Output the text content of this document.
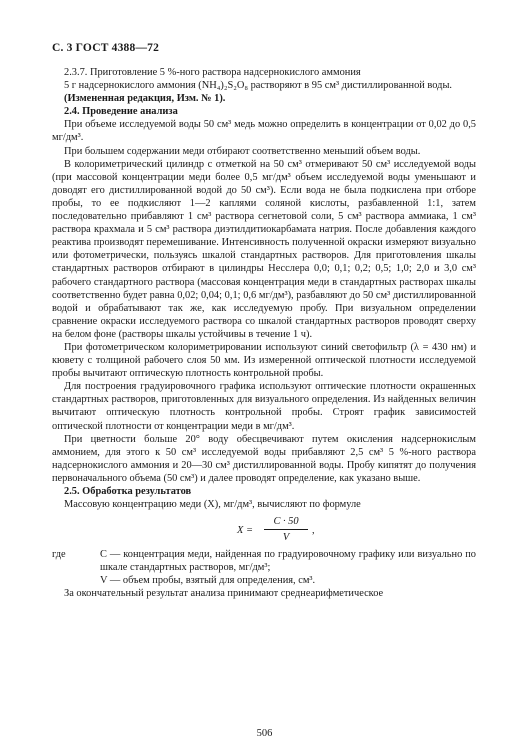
С. 3 ГОСТ 4388—72

2.3.7. Приготовление 5 %-ного раствора надсернокислого аммония

5 г надсернокислого аммония (NH₄)₂S₂O₈ растворяют в 95 см³ дистиллированной воды.

(Измененная редакция, Изм. № 1).

2.4. Проведение анализа

При объеме исследуемой воды 50 см³ медь можно определить в концентрации от 0,02 до 0,5 мг/дм³.

При большем содержании меди отбирают соответственно меньший объем воды.

В колориметрический цилиндр с отметкой на 50 см³ отмеривают 50 см³ исследуемой воды (при массовой концентрации меди более 0,5 мг/дм³ объем исследуемой воды уменьшают и доводят его дистиллированной водой до 50 см³). Если вода не была подкислена при отборе пробы, то ее подкисляют 1—2 каплями соляной кислоты, разбавленной 1:1, затем последовательно прибавляют 1 см³ раствора сегнетовой соли, 5 см³ раствора аммиака, 1 см³ раствора крахмала и 5 см³ раствора диэтилдитиокарбамата натрия. После добавления каждого реактива производят перемешивание. Интенсивность полученной окраски измеряют визуально или фотометрически, пользуясь шкалой стандартных растворов. Для приготовления шкалы стандартных растворов отбирают в цилиндры Несслера 0,0; 0,1; 0,2; 0,5; 1,0; 2,0 и 3,0 см³ рабочего стандартного раствора (массовая концентрация меди в стандартных растворах шкалы соответственно будет равна 0,02; 0,04; 0,1; 0,6 мг/дм³), разбавляют до 50 см³ дистиллированной водой и обрабатывают так же, как исследуемую пробу. При визуальном определении сравнение окраски исследуемого раствора со шкалой стандартных растворов проводят сверху на белом фоне (растворы шкалы устойчивы в течение 1 ч).

При фотометрическом колориметрировании используют синий светофильтр (λ = 430 нм) и кювету с толщиной рабочего слоя 50 мм. Из измеренной оптической плотности исследуемой пробы вычитают оптическую плотность контрольной пробы.

Для построения градуировочного графика используют оптические плотности окрашенных стандартных растворов, приготовленных для визуального определения. Из найденных величин вычитают оптическую плотность контрольной пробы. Строят график зависимостей оптической плотности от концентрации меди в мг/дм³.

При цветности больше 20° воду обесцвечивают путем окисления надсернокислым аммонием, для этого к 50 см³ исследуемой воды прибавляют 2,5 см³ 5 %-ного раствора надсернокислого аммония и 20—30 см³ дистиллированной воды. Пробу кипятят до получения первоначального объема (50 см³) и далее проводят определение, как указано выше.

2.5. Обработка результатов

Массовую концентрацию меди (X), мг/дм³, вычисляют по формуле

$X = \frac{C \cdot 50}{V}$ ,
где	C — концентрация меди, найденная по градуировочному графику или визуально по шкале стандартных растворов, мг/дм³;
V — объем пробы, взятый для определения, см³.

За окончательный результат анализа принимают среднеарифметическое

506
